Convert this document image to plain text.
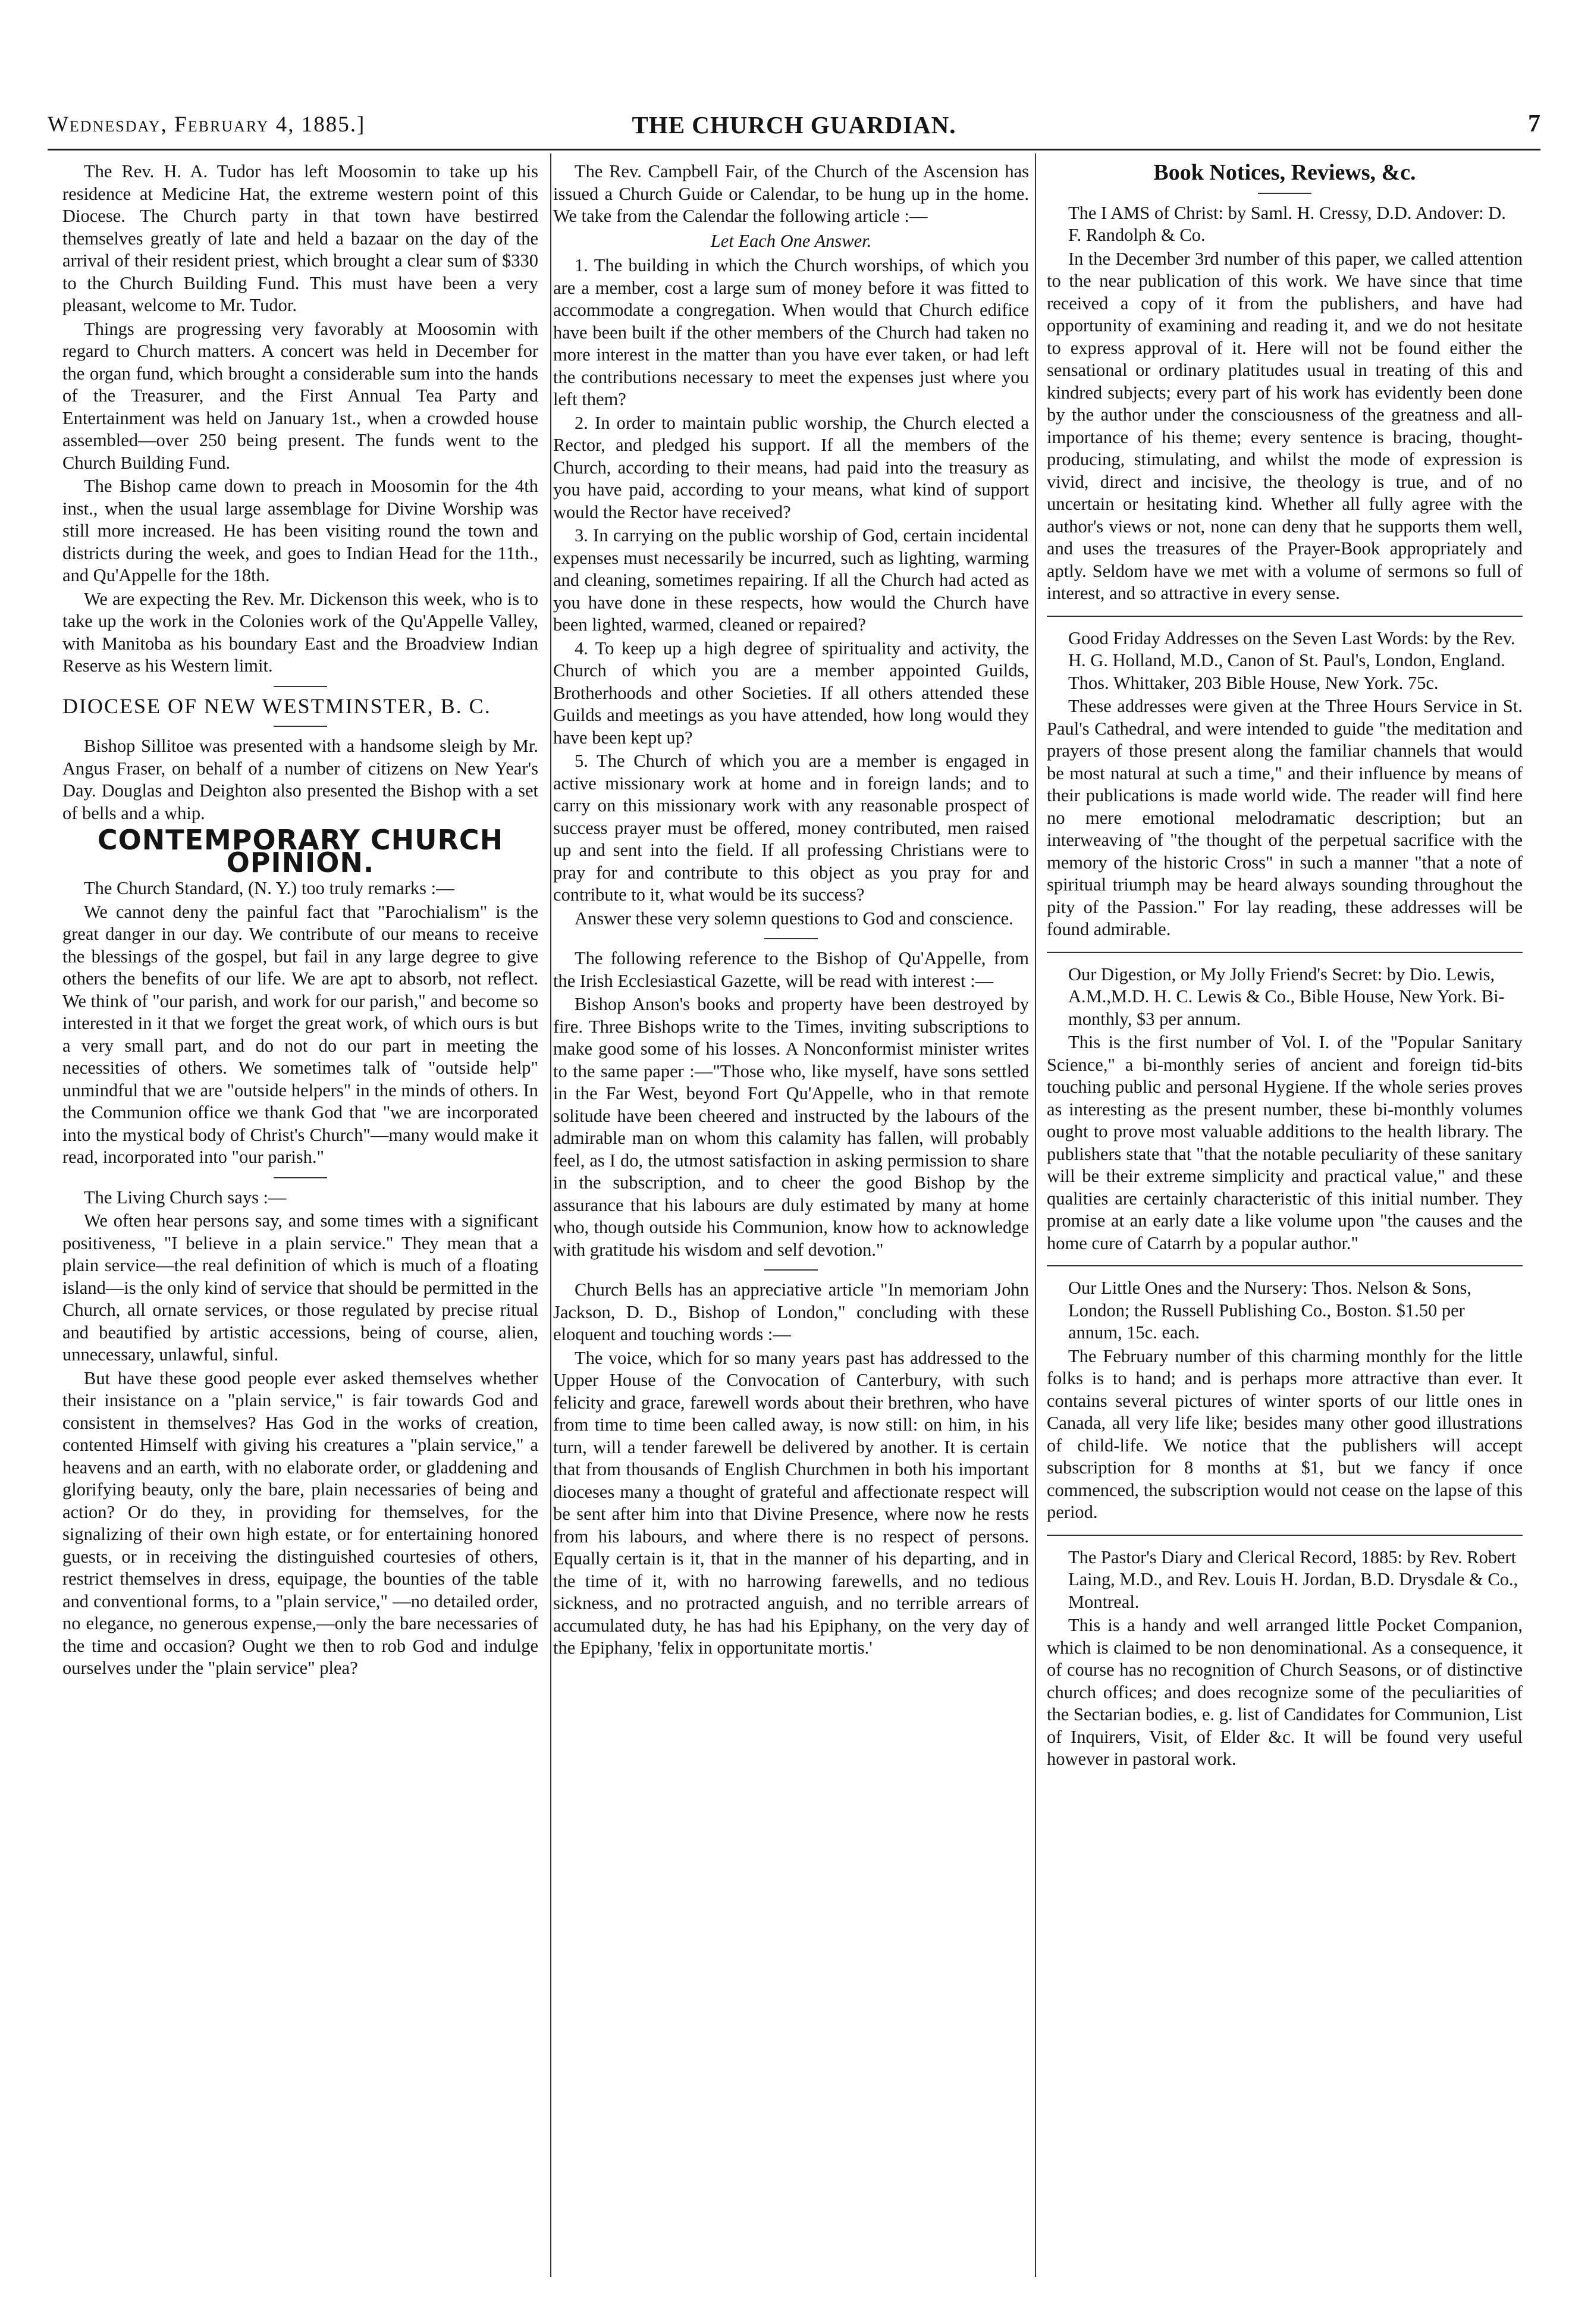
Wednesday, February 4, 1885.]	THE CHURCH GUARDIAN.	7

The Rev. H. A. Tudor has left Moosomin to take up his residence at Medicine Hat, the extreme western point of this Diocese. The Church party in that town have bestirred themselves greatly of late and held a bazaar on the day of the arrival of their resident priest, which brought a clear sum of $330 to the Church Building Fund. This must have been a very pleasant, welcome to Mr. Tudor.

Things are progressing very favorably at Moosomin with regard to Church matters. A concert was held in December for the organ fund, which brought a considerable sum into the hands of the Treasurer, and the First Annual Tea Party and Entertainment was held on January 1st., when a crowded house assembled—over 250 being present. The funds went to the Church Building Fund.

The Bishop came down to preach in Moosomin for the 4th inst., when the usual large assemblage for Divine Worship was still more increased. He has been visiting round the town and districts during the week, and goes to Indian Head for the 11th., and Qu'Appelle for the 18th.

We are expecting the Rev. Mr. Dickenson this week, who is to take up the work in the Colonies work of the Qu'Appelle Valley, with Manitoba as his boundary East and the Broadview Indian Reserve as his Western limit.

DIOCESE OF NEW WESTMINSTER, B. C.

Bishop Sillitoe was presented with a handsome sleigh by Mr. Angus Fraser, on behalf of a number of citizens on New Year's Day. Douglas and Deighton also presented the Bishop with a set of bells and a whip.

CONTEMPORARY CHURCH OPINION.

The Church Standard, (N. Y.) too truly remarks :—

We cannot deny the painful fact that "Parochialism" is the great danger in our day. We contribute of our means to receive the blessings of the gospel, but fail in any large degree to give others the benefits of our life. We are apt to absorb, not reflect. We think of "our parish, and work for our parish," and become so interested in it that we forget the great work, of which ours is but a very small part, and do not do our part in meeting the necessities of others. We sometimes talk of "outside help" unmindful that we are "outside helpers" in the minds of others. In the Communion office we thank God that "we are incorporated into the mystical body of Christ's Church"—many would make it read, incorporated into "our parish."

The Living Church says :—

We often hear persons say, and some times with a significant positiveness, "I believe in a plain service." They mean that a plain service—the real definition of which is much of a floating island—is the only kind of service that should be permitted in the Church, all ornate services, or those regulated by precise ritual and beautified by artistic accessions, being of course, alien, unnecessary, unlawful, sinful.

But have these good people ever asked themselves whether their insistance on a "plain service," is fair towards God and consistent in themselves? Has God in the works of creation, contented Himself with giving his creatures a "plain service," a heavens and an earth, with no elaborate order, or gladdening and glorifying beauty, only the bare, plain necessaries of being and action? Or do they, in providing for themselves, for the signalizing of their own high estate, or for entertaining honored guests, or in receiving the distinguished courtesies of others, restrict themselves in dress, equipage, the bounties of the table and conventional forms, to a "plain service," —no detailed order, no elegance, no generous expense,—only the bare necessaries of the time and occasion? Ought we then to rob God and indulge ourselves under the "plain service" plea?

The Rev. Campbell Fair, of the Church of the Ascension has issued a Church Guide or Calendar, to be hung up in the home. We take from the Calendar the following article :—

Let Each One Answer.

1. The building in which the Church worships, of which you are a member, cost a large sum of money before it was fitted to accommodate a congregation. When would that Church edifice have been built if the other members of the Church had taken no more interest in the matter than you have ever taken, or had left the contributions necessary to meet the expenses just where you left them?

2. In order to maintain public worship, the Church elected a Rector, and pledged his support. If all the members of the Church, according to their means, had paid into the treasury as you have paid, according to your means, what kind of support would the Rector have received?

3. In carrying on the public worship of God, certain incidental expenses must necessarily be incurred, such as lighting, warming and cleaning, sometimes repairing. If all the Church had acted as you have done in these respects, how would the Church have been lighted, warmed, cleaned or repaired?

4. To keep up a high degree of spirituality and activity, the Church of which you are a member appointed Guilds, Brotherhoods and other Societies. If all others attended these Guilds and meetings as you have attended, how long would they have been kept up?

5. The Church of which you are a member is engaged in active missionary work at home and in foreign lands; and to carry on this missionary work with any reasonable prospect of success prayer must be offered, money contributed, men raised up and sent into the field. If all professing Christians were to pray for and contribute to this object as you pray for and contribute to it, what would be its success?

Answer these very solemn questions to God and conscience.

The following reference to the Bishop of Qu'Appelle, from the Irish Ecclesiastical Gazette, will be read with interest :—

Bishop Anson's books and property have been destroyed by fire. Three Bishops write to the Times, inviting subscriptions to make good some of his losses. A Nonconformist minister writes to the same paper :—"Those who, like myself, have sons settled in the Far West, beyond Fort Qu'Appelle, who in that remote solitude have been cheered and instructed by the labours of the admirable man on whom this calamity has fallen, will probably feel, as I do, the utmost satisfaction in asking permission to share in the subscription, and to cheer the good Bishop by the assurance that his labours are duly estimated by many at home who, though outside his Communion, know how to acknowledge with gratitude his wisdom and self devotion."

Church Bells has an appreciative article "In memoriam John Jackson, D. D., Bishop of London," concluding with these eloquent and touching words :—

The voice, which for so many years past has addressed to the Upper House of the Convocation of Canterbury, with such felicity and grace, farewell words about their brethren, who have from time to time been called away, is now still: on him, in his turn, will a tender farewell be delivered by another. It is certain that from thousands of English Churchmen in both his important dioceses many a thought of grateful and affectionate respect will be sent after him into that Divine Presence, where now he rests from his labours, and where there is no respect of persons. Equally certain is it, that in the manner of his departing, and in the time of it, with no harrowing farewells, and no tedious sickness, and no protracted anguish, and no terrible arrears of accumulated duty, he has had his Epiphany, on the very day of the Epiphany, 'felix in opportunitate mortis.'

Book Notices, Reviews, &c.

The I AMS of Christ: by Saml. H. Cressy, D.D. Andover: D. F. Randolph & Co.

In the December 3rd number of this paper, we called attention to the near publication of this work. We have since that time received a copy of it from the publishers, and have had opportunity of examining and reading it, and we do not hesitate to express approval of it. Here will not be found either the sensational or ordinary platitudes usual in treating of this and kindred subjects; every part of his work has evidently been done by the author under the consciousness of the greatness and all-importance of his theme; every sentence is bracing, thought-producing, stimulating, and whilst the mode of expression is vivid, direct and incisive, the theology is true, and of no uncertain or hesitating kind. Whether all fully agree with the author's views or not, none can deny that he supports them well, and uses the treasures of the Prayer-Book appropriately and aptly. Seldom have we met with a volume of sermons so full of interest, and so attractive in every sense.

Good Friday Addresses on the Seven Last Words: by the Rev. H. G. Holland, M.D., Canon of St. Paul's, London, England. Thos. Whittaker, 203 Bible House, New York. 75c.

These addresses were given at the Three Hours Service in St. Paul's Cathedral, and were intended to guide "the meditation and prayers of those present along the familiar channels that would be most natural at such a time," and their influence by means of their publications is made world wide. The reader will find here no mere emotional melodramatic description; but an interweaving of "the thought of the perpetual sacrifice with the memory of the historic Cross" in such a manner "that a note of spiritual triumph may be heard always sounding throughout the pity of the Passion." For lay reading, these addresses will be found admirable.

Our Digestion, or My Jolly Friend's Secret: by Dio. Lewis, A.M.,M.D. H. C. Lewis & Co., Bible House, New York. Bi-monthly, $3 per annum.

This is the first number of Vol. I. of the "Popular Sanitary Science," a bi-monthly series of ancient and foreign tid-bits touching public and personal Hygiene. If the whole series proves as interesting as the present number, these bi-monthly volumes ought to prove most valuable additions to the health library. The publishers state that "that the notable peculiarity of these sanitary will be their extreme simplicity and practical value," and these qualities are certainly characteristic of this initial number. They promise at an early date a like volume upon "the causes and the home cure of Catarrh by a popular author."

Our Little Ones and the Nursery: Thos. Nelson & Sons, London; the Russell Publishing Co., Boston. $1.50 per annum, 15c. each.

The February number of this charming monthly for the little folks is to hand; and is perhaps more attractive than ever. It contains several pictures of winter sports of our little ones in Canada, all very life like; besides many other good illustrations of child-life. We notice that the publishers will accept subscription for 8 months at $1, but we fancy if once commenced, the subscription would not cease on the lapse of this period.

The Pastor's Diary and Clerical Record, 1885: by Rev. Robert Laing, M.D., and Rev. Louis H. Jordan, B.D. Drysdale & Co., Montreal.

This is a handy and well arranged little Pocket Companion, which is claimed to be non denominational. As a consequence, it of course has no recognition of Church Seasons, or of distinctive church offices; and does recognize some of the peculiarities of the Sectarian bodies, e. g. list of Candidates for Communion, List of Inquirers, Visit, of Elder &c. It will be found very useful however in pastoral work.
